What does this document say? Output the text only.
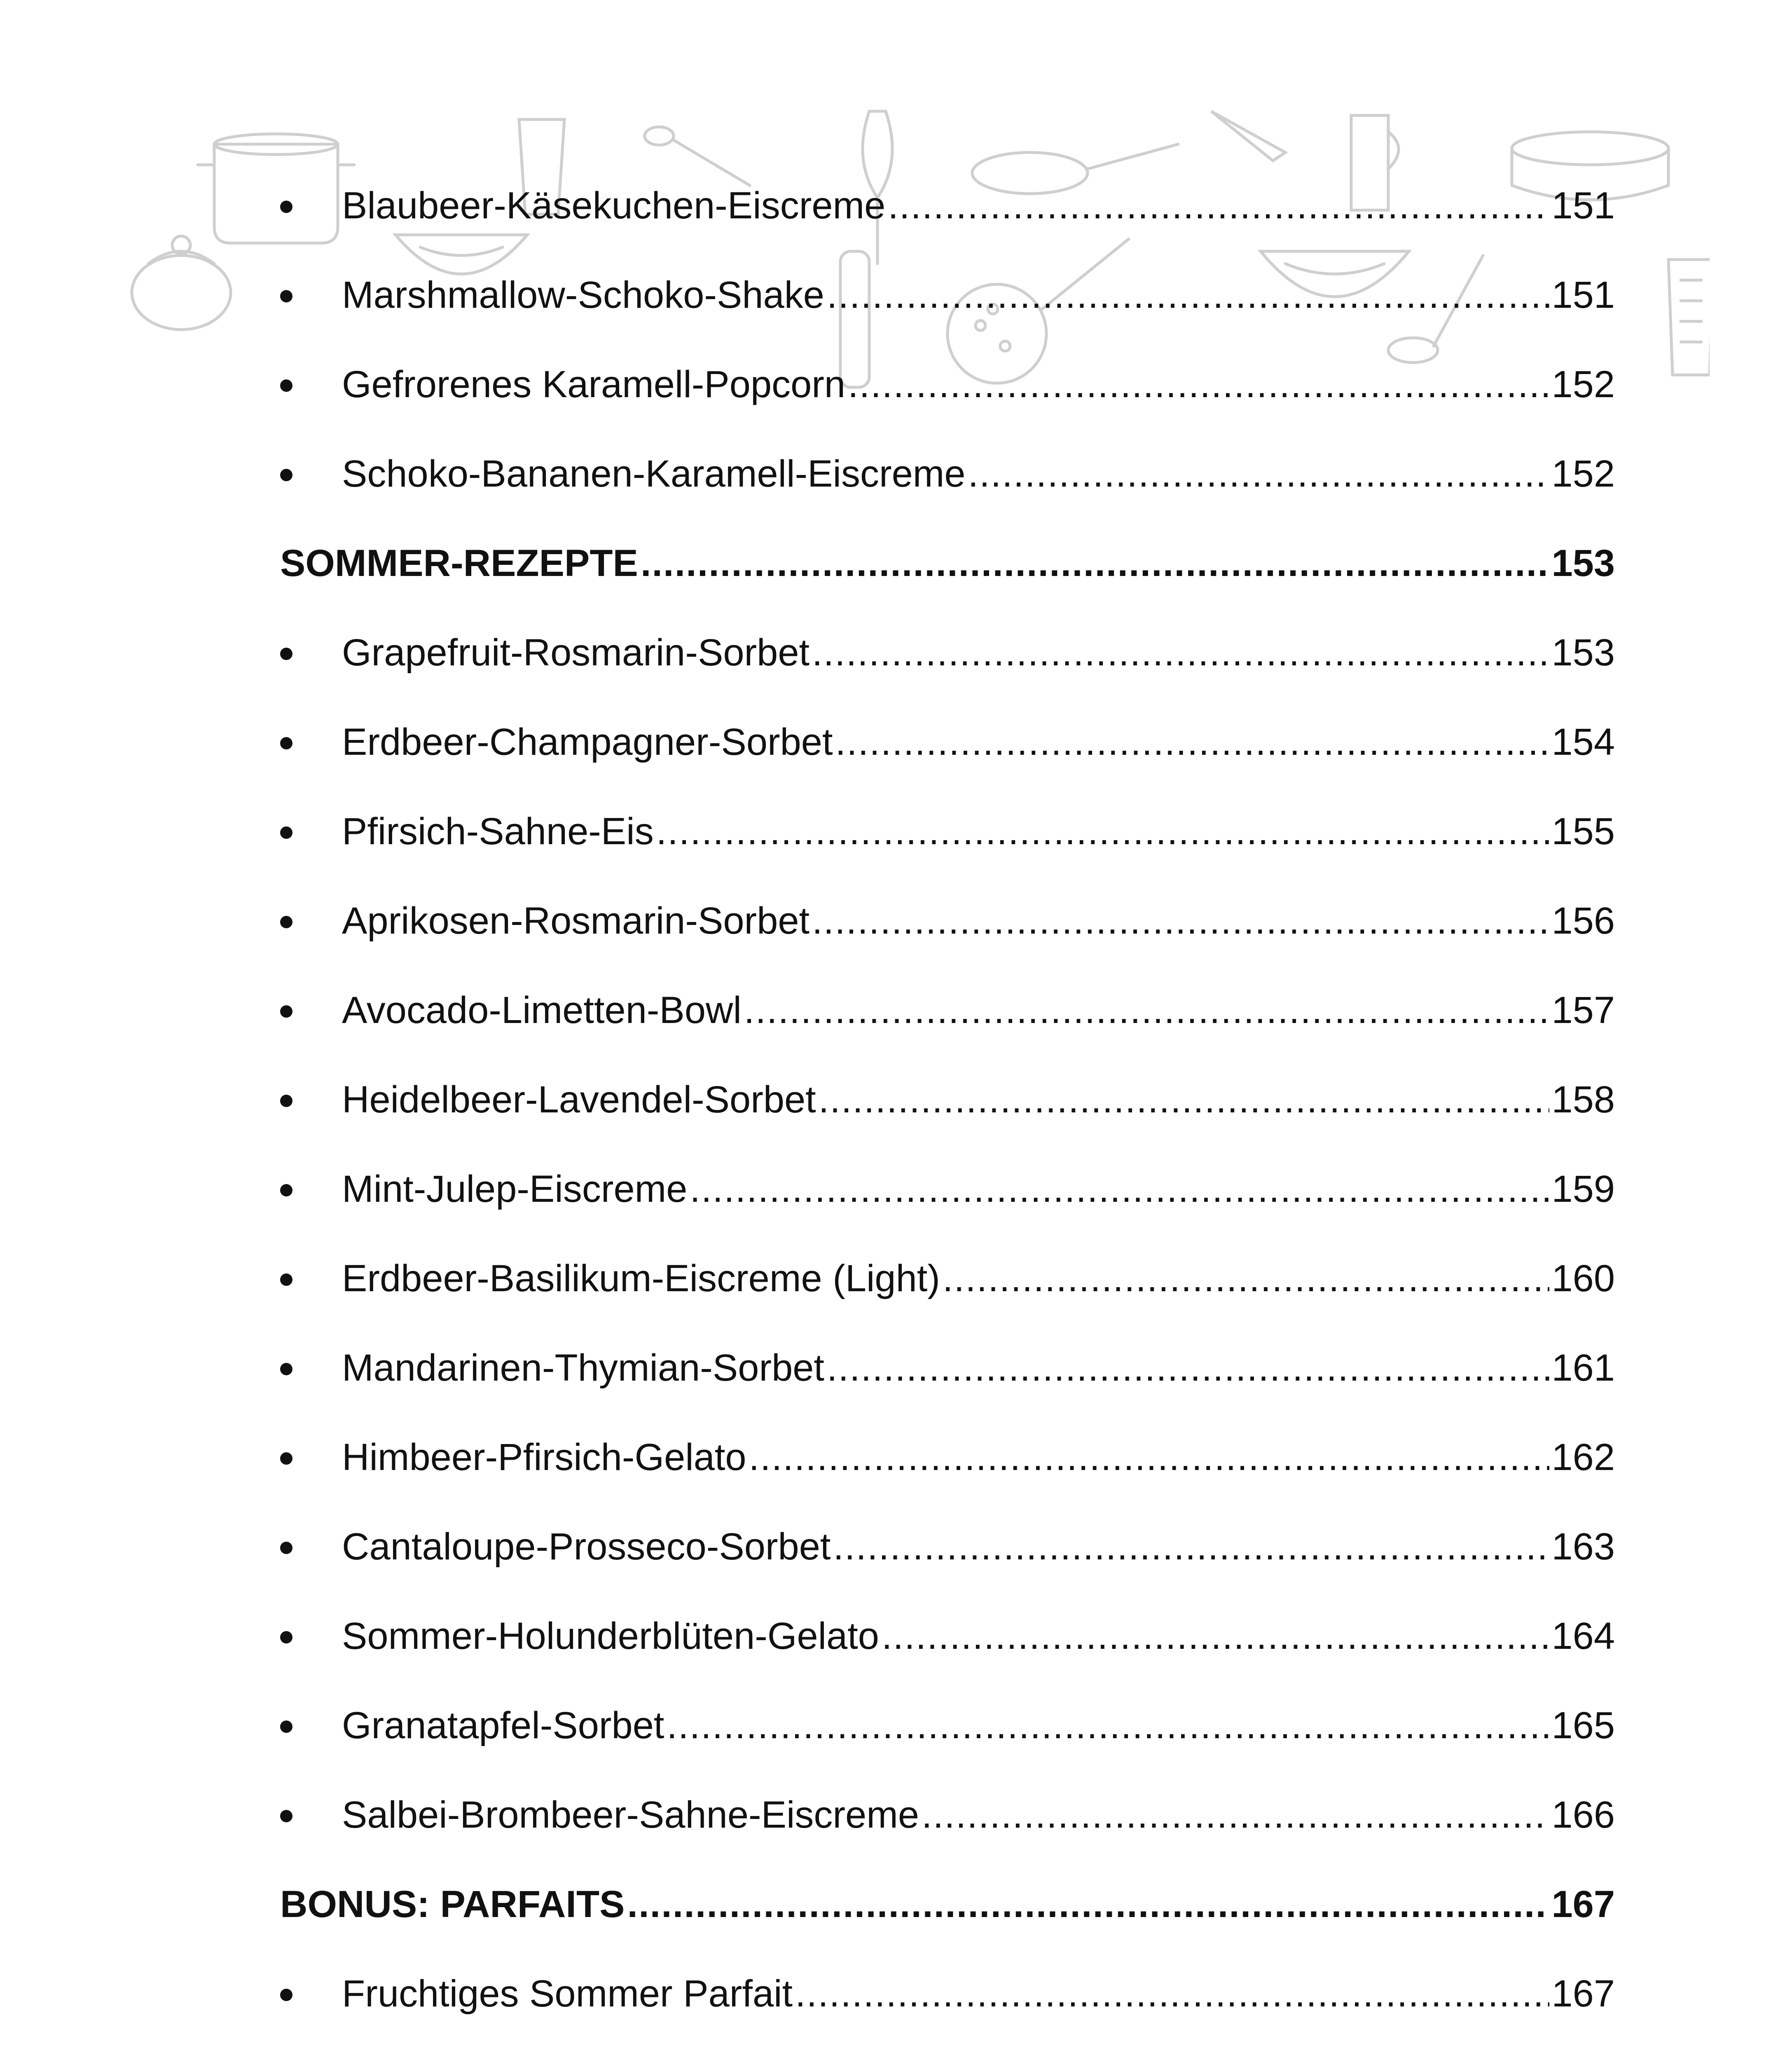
Blaubeer-Käsekuchen-Eiscreme .....	151
Marshmallow-Schoko-Shake .....	151
Gefrorenes Karamell-Popcorn .....	152
Schoko-Bananen-Karamell-Eiscreme .....	152
SOMMER-REZEPTE .....	153
Grapefruit-Rosmarin-Sorbet .....	153
Erdbeer-Champagner-Sorbet .....	154
Pfirsich-Sahne-Eis .....	155
Aprikosen-Rosmarin-Sorbet .....	156
Avocado-Limetten-Bowl .....	157
Heidelbeer-Lavendel-Sorbet .....	158
Mint-Julep-Eiscreme .....	159
Erdbeer-Basilikum-Eiscreme (Light) .....	160
Mandarinen-Thymian-Sorbet .....	161
Himbeer-Pfirsich-Gelato .....	162
Cantaloupe-Prosseco-Sorbet .....	163
Sommer-Holunderblüten-Gelato .....	164
Granatapfel-Sorbet .....	165
Salbei-Brombeer-Sahne-Eiscreme .....	166
BONUS: PARFAITS .....	167
Fruchtiges Sommer Parfait .....	167
